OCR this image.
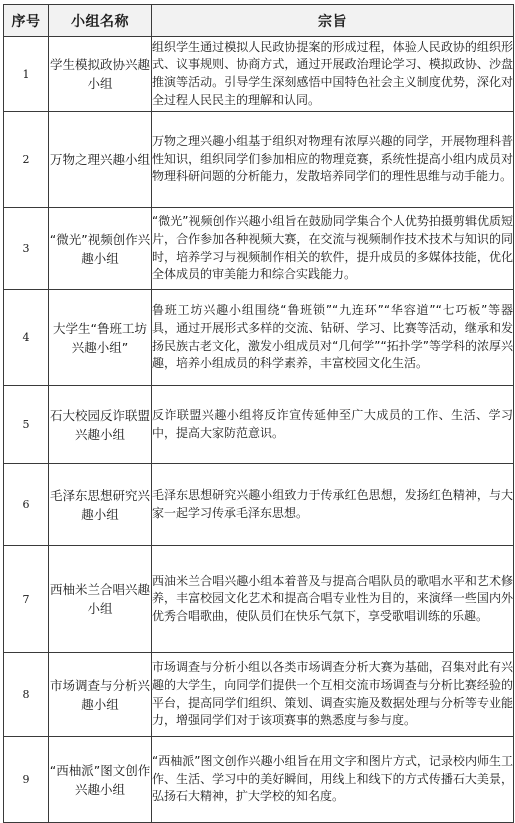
序号	小组名称	宗旨
1	学生模拟政协兴趣小组	组织学生通过模拟人民政协提案的形成过程，体验人民政协的组织形式、议事规则、协商方式，通过开展政治理论学习、模拟政协、沙盘推演等活动。引导学生深刻感悟中国特色社会主义制度优势，深化对全过程人民民主的理解和认同。
2	万物之理兴趣小组	万物之理兴趣小组基于组织对物理有浓厚兴趣的同学，开展物理科普性知识，组织同学们参加相应的物理竞赛，系统性提高小组内成员对物理科研问题的分析能力，发散培养同学们的理性思维与动手能力。
3	“微光”视频创作兴趣小组	“微光”视频创作兴趣小组旨在鼓励同学集合个人优势拍摄剪辑优质短片，合作参加各种视频大赛，在交流与视频制作技术技术与知识的同时，培养学习与视频制作相关的软件，提升成员的多媒体技能，优化全体成员的审美能力和综合实践能力。
4	大学生“鲁班工坊兴趣小组”	鲁班工坊兴趣小组围绕“鲁班锁”“九连环”“华容道”“七巧板”等器具，通过开展形式多样的交流、钻研、学习、比赛等活动，继承和发扬民族古老文化，激发小组成员对“几何学”“拓扑学”等学科的浓厚兴趣，培养小组成员的科学素养，丰富校园文化生活。
5	石大校园反诈联盟兴趣小组	反诈联盟兴趣小组将反诈宣传延伸至广大成员的工作、生活、学习中，提高大家防范意识。
6	毛泽东思想研究兴趣小组	毛泽东思想研究兴趣小组致力于传承红色思想，发扬红色精神，与大家一起学习传承毛泽东思想。
7	西柚米兰合唱兴趣小组	西油米兰合唱兴趣小组本着普及与提高合唱队员的歌唱水平和艺术修养，丰富校园文化艺术和提高合唱专业性为目的，来演绎一些国内外优秀合唱歌曲，使队员们在快乐气氛下，享受歌唱训练的乐趣。
8	市场调查与分析兴趣小组	市场调查与分析小组以各类市场调查分析大赛为基础，召集对此有兴趣的大学生，向同学们提供一个互相交流市场调查与分析比赛经验的平台，提高同学们组织、策划、调查实施及数据处理与分析等专业能力，增强同学们对于该项赛事的熟悉度与参与度。
9	“西柚派”图文创作兴趣小组	“西柚派”图文创作兴趣小组旨在用文字和图片方式，记录校内师生工作、生活、学习中的美好瞬间，用线上和线下的方式传播石大美景，弘扬石大精神，扩大学校的知名度。
